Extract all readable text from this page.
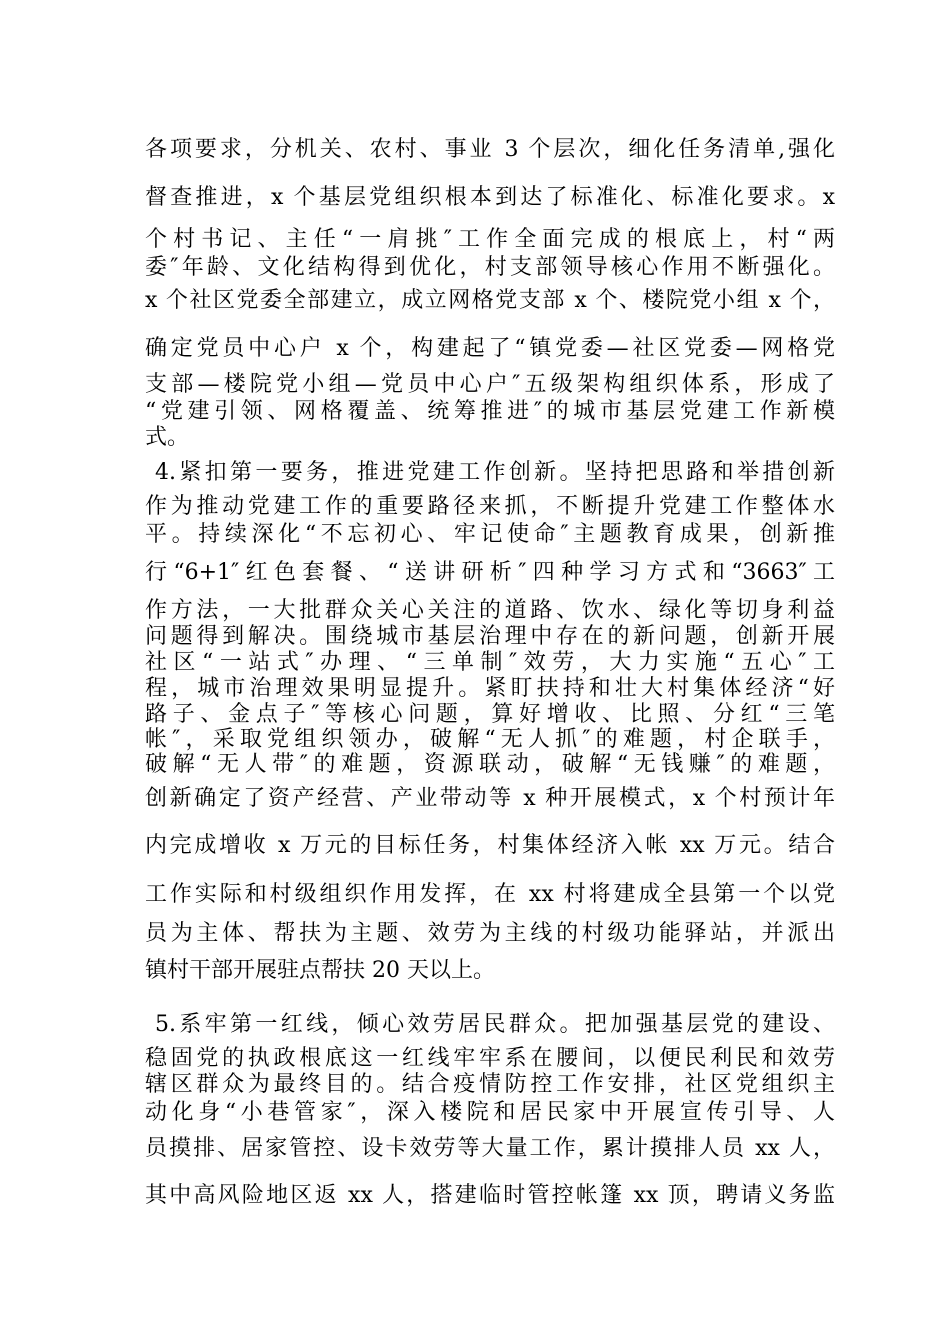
各项要求，分机关、农村、事业 3 个层次，细化任务清单,强化
督查推进，x 个基层党组织根本到达了标准化、标准化要求。x
个村书记、主任“一肩挑″工作全面完成的根底上，村“两
委″年龄、文化结构得到优化，村支部领导核心作用不断强化。
x 个社区党委全部建立，成立网格党支部 x 个、楼院党小组 x 个，
确定党员中心户 x 个，构建起了“镇党委—社区党委—网格党
支部—楼院党小组—党员中心户″五级架构组织体系，形成了
“党建引领、网格覆盖、统筹推进″的城市基层党建工作新模
式。
4.紧扣第一要务，推进党建工作创新。坚持把思路和举措创新
作为推动党建工作的重要路径来抓，不断提升党建工作整体水
平。持续深化“不忘初心、牢记使命″主题教育成果，创新推
行“6+1″红色套餐、“送讲研析″四种学习方式和“3663″工
作方法，一大批群众关心关注的道路、饮水、绿化等切身利益
问题得到解决。围绕城市基层治理中存在的新问题，创新开展
社区“一站式″办理、“三单制″效劳，大力实施“五心″工
程，城市治理效果明显提升。紧盯扶持和壮大村集体经济“好
路子、金点子″等核心问题，算好增收、比照、分红“三笔
帐″，采取党组织领办，破解“无人抓″的难题，村企联手，
破解“无人带″的难题，资源联动，破解“无钱赚″的难题，
创新确定了资产经营、产业带动等 x 种开展模式，x 个村预计年
内完成增收 x 万元的目标任务，村集体经济入帐 xx 万元。结合
工作实际和村级组织作用发挥，在 xx 村将建成全县第一个以党
员为主体、帮扶为主题、效劳为主线的村级功能驿站，并派出
镇村干部开展驻点帮扶 20 天以上。
5.系牢第一红线，倾心效劳居民群众。把加强基层党的建设、
稳固党的执政根底这一红线牢牢系在腰间，以便民利民和效劳
辖区群众为最终目的。结合疫情防控工作安排，社区党组织主
动化身“小巷管家″，深入楼院和居民家中开展宣传引导、人
员摸排、居家管控、设卡效劳等大量工作，累计摸排人员 xx 人，
其中高风险地区返 xx 人，搭建临时管控帐篷 xx 顶，聘请义务监
